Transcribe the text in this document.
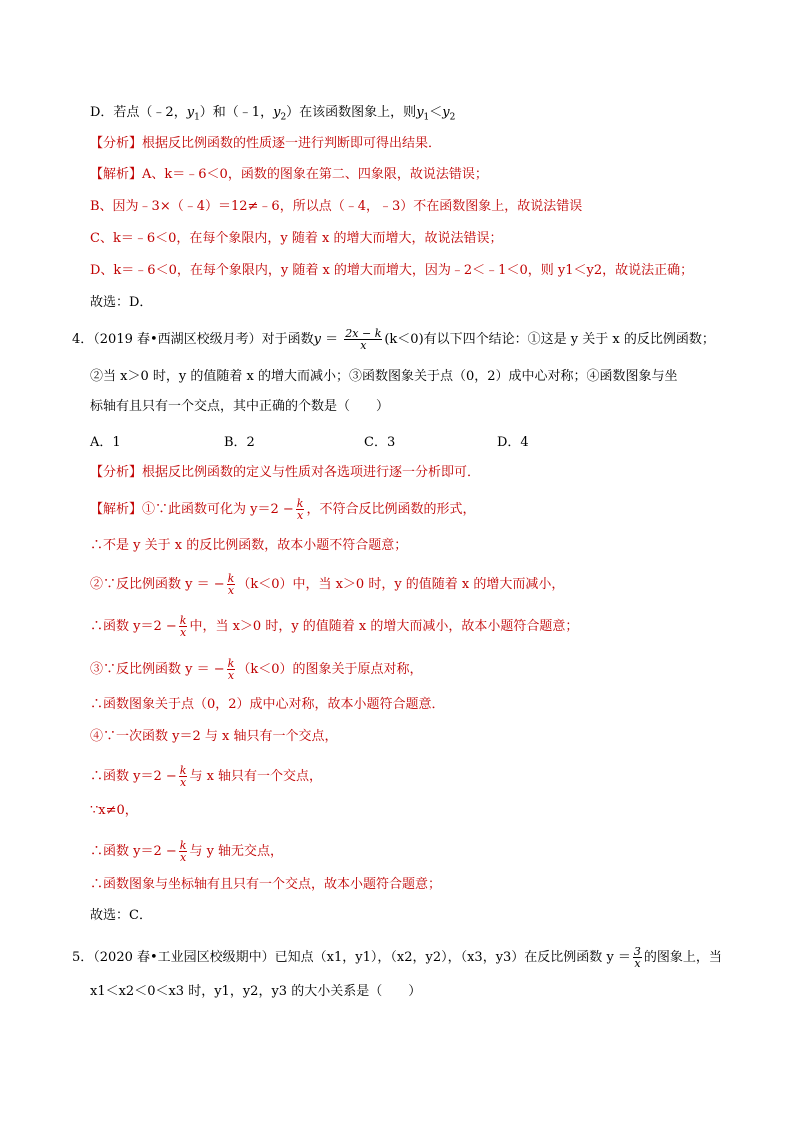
D．若点（﹣2，$y_1$）和（﹣1，$y_2$）在该函数图象上，则$y_1<y_2$
【分析】根据反比例函数的性质逐一进行判断即可得出结果．
【解析】A、k＝﹣6＜0，函数的图象在第二、四象限，故说法错误；
B、因为﹣3×（﹣4）＝12≠﹣6，所以点（﹣4，﹣3）不在函数图象上，故说法错误
C、k＝﹣6＜0，在每个象限内，y 随着 x 的增大而增大，故说法错误；
D、k＝﹣6＜0，在每个象限内，y 随着 x 的增大而增大，因为﹣2＜﹣1＜0，则 y1＜y2，故说法正确；
故选：D．
4．（2019 春•西湖区校级月考）对于函数$y = \frac{2x - k}{x} (k<0)$有以下四个结论：①这是 y 关于 x 的反比例函数；
②当 x＞0 时，y 的值随着 x 的增大而减小；③函数图象关于点（0，2）成中心对称；④函数图象与坐
标轴有且只有一个交点，其中正确的个数是（　　）
A．1	B．2	C．3	D．4
【分析】根据反比例函数的定义与性质对各选项进行逐一分析即可．
【解析】①∵此函数可化为 $y=2 - \frac{k}{x}$ ，不符合反比例函数的形式，
∴不是 y 关于 x 的反比例函数，故本小题不符合题意；
②∵反比例函数 y ＝ − $\frac{k}{x} (k<0)$中，当 x＞0 时，y 的值随着 x 的增大而减小，
∴函数 $y=2 - \frac{k}{x}$ 中，当 x＞0 时，y 的值随着 x 的增大而减小，故本小题符合题意；
③∵反比例函数 y ＝ − $\frac{k}{x} (k<0)$的图象关于原点对称，
∴函数图象关于点（0，2）成中心对称，故本小题符合题意．
④∵一次函数 y＝2 与 x 轴只有一个交点，
∴函数 $y=2 - \frac{k}{x}$ 与 x 轴只有一个交点，
∵x≠0，
∴函数 $y=2 - \frac{k}{x}$ 与 y 轴无交点，
∴函数图象与坐标轴有且只有一个交点，故本小题符合题意；
故选：C．
5．（2020 春•工业园区校级期中）已知点（x1，y1），（x2，y2），（x3，y3）在反比例函数 $y = \frac{3}{x}$ 的图象上，当
x1＜x2＜0＜x3 时，y1，y2，y3 的大小关系是（　　）
